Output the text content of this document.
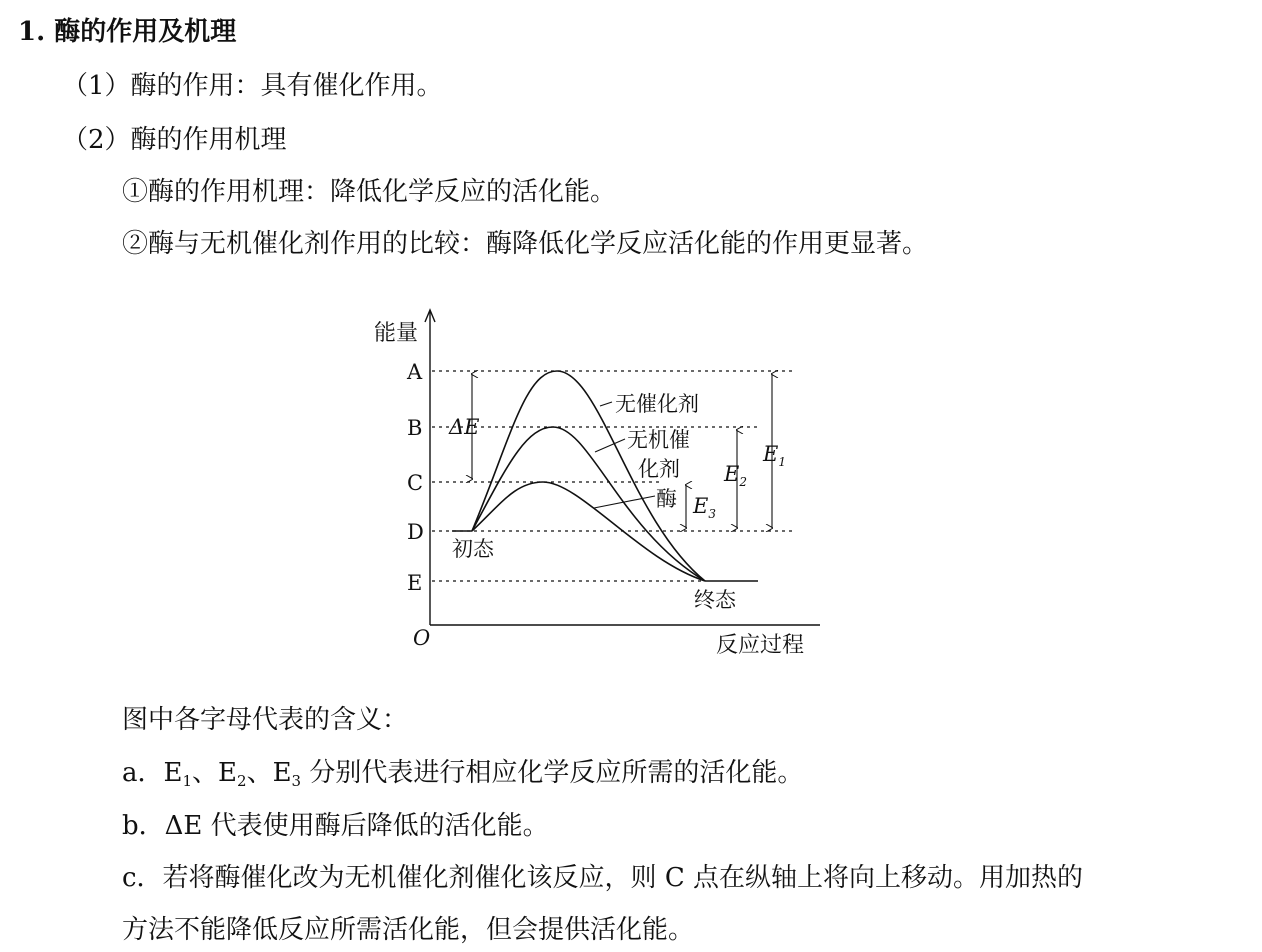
1. 酶的作用及机理
（1）酶的作用：具有催化作用。
（2）酶的作用机理
①酶的作用机理：降低化学反应的活化能。
②酶与无机催化剂作用的比较：酶降低化学反应活化能的作用更显著。
能量
反应过程
O
A
B
C
D
E
无催化剂
无机催
化剂
酶
初态
终态
ΔE
$E_1$
$E_2$
$E_3$
图中各字母代表的含义：
a．$E_1$、$E_2$、$E_3$ 分别代表进行相应化学反应所需的活化能。
b．ΔE 代表使用酶后降低的活化能。
c．若将酶催化改为无机催化剂催化该反应，则 C 点在纵轴上将向上移动。用加热的
方法不能降低反应所需活化能，但会提供活化能。
